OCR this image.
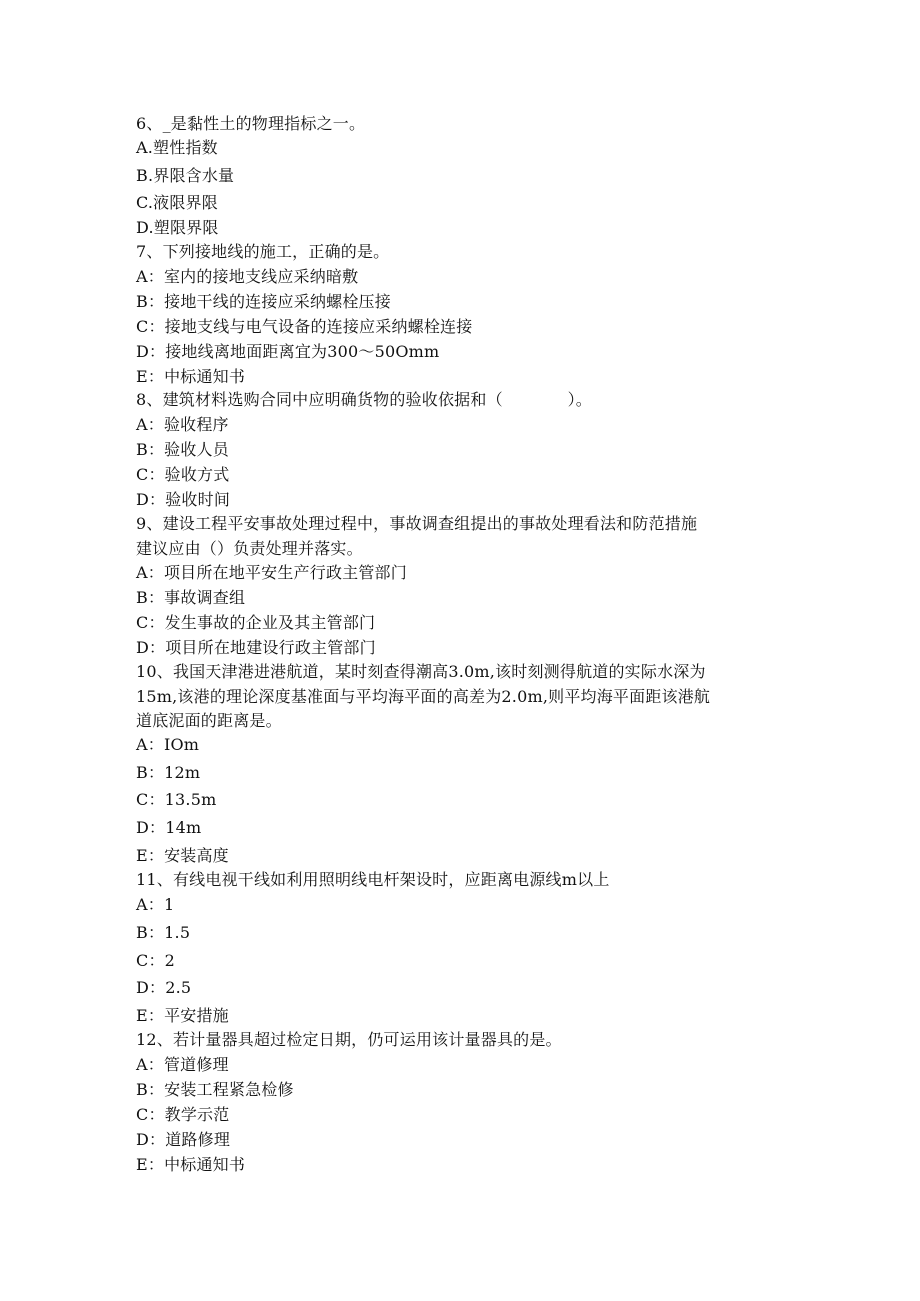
6、_是黏性土的物理指标之一。
A.塑性指数
B.界限含水量
C.液限界限
D.塑限界限
7、下列接地线的施工，正确的是。
A：室内的接地支线应采纳暗敷
B：接地干线的连接应采纳螺栓压接
C：接地支线与电气设备的连接应采纳螺栓连接
D：接地线离地面距离宜为300～50Omm
E：中标通知书
8、建筑材料选购合同中应明确货物的验收依据和（　　　　）。
A：验收程序
B：验收人员
C：验收方式
D：验收时间
9、建设工程平安事故处理过程中，事故调查组提出的事故处理看法和防范措施
建议应由（）负责处理并落实。
A：项目所在地平安生产行政主管部门
B：事故调查组
C：发生事故的企业及其主管部门
D：项目所在地建设行政主管部门
10、我国天津港进港航道，某时刻查得潮高3.0m,该时刻测得航道的实际水深为
15m,该港的理论深度基准面与平均海平面的高差为2.0m,则平均海平面距该港航
道底泥面的距离是。
A：IOm
B：12m
C：13.5m
D：14m
E：安装高度
11、有线电视干线如利用照明线电杆架设时，应距离电源线m以上
A：1
B：1.5
C：2
D：2.5
E：平安措施
12、若计量器具超过检定日期，仍可运用该计量器具的是。
A：管道修理
B：安装工程紧急检修
C：教学示范
D：道路修理
E：中标通知书
